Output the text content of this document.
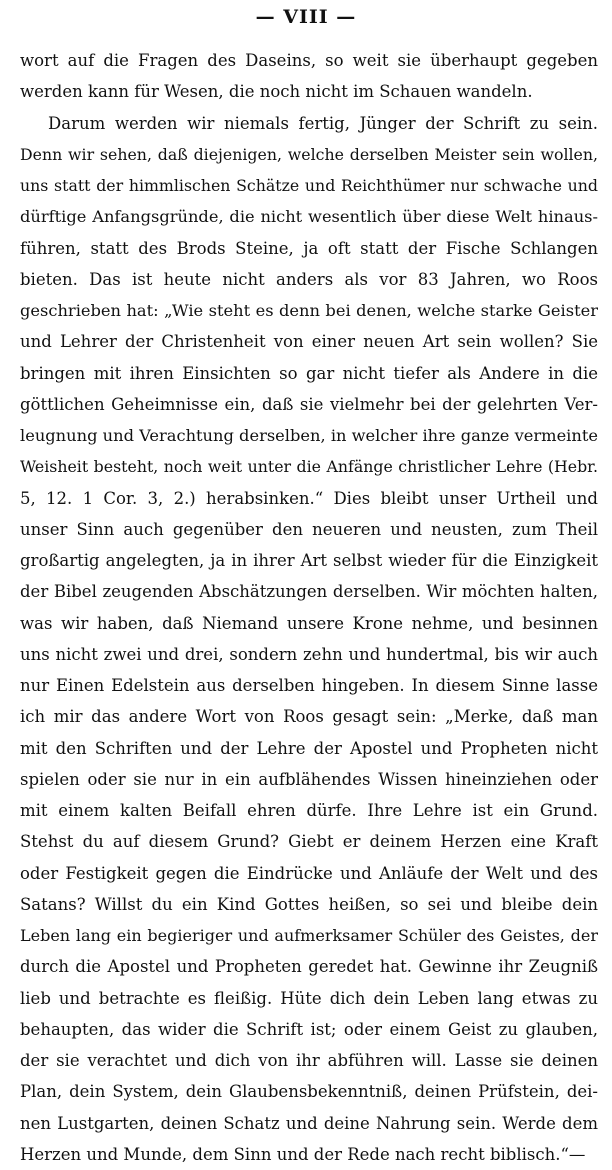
— VIII —
wort auf die Fragen des Daseins, so weit sie überhaupt gegeben
werden kann für Wesen, die noch nicht im Schauen wandeln.
Darum werden wir niemals fertig, Jünger der Schrift zu sein.
Denn wir sehen, daß diejenigen, welche derselben Meister sein wollen,
uns statt der himmlischen Schätze und Reichthümer nur schwache und
dürftige Anfangsgründe, die nicht wesentlich über diese Welt hinaus-
führen, statt des Brods Steine, ja oft statt der Fische Schlangen
bieten. Das ist heute nicht anders als vor 83 Jahren, wo Roos
geschrieben hat: „Wie steht es denn bei denen, welche starke Geister
und Lehrer der Christenheit von einer neuen Art sein wollen? Sie
bringen mit ihren Einsichten so gar nicht tiefer als Andere in die
göttlichen Geheimnisse ein, daß sie vielmehr bei der gelehrten Ver-
leugnung und Verachtung derselben, in welcher ihre ganze vermeinte
Weisheit besteht, noch weit unter die Anfänge christlicher Lehre (Hebr.
5, 12. 1 Cor. 3, 2.) herabsinken.“ Dies bleibt unser Urtheil und
unser Sinn auch gegenüber den neueren und neusten, zum Theil
großartig angelegten, ja in ihrer Art selbst wieder für die Einzigkeit
der Bibel zeugenden Abschätzungen derselben. Wir möchten halten,
was wir haben, daß Niemand unsere Krone nehme, und besinnen
uns nicht zwei und drei, sondern zehn und hundertmal, bis wir auch
nur Einen Edelstein aus derselben hingeben. In diesem Sinne lasse
ich mir das andere Wort von Roos gesagt sein: „Merke, daß man
mit den Schriften und der Lehre der Apostel und Propheten nicht
spielen oder sie nur in ein aufblähendes Wissen hineinziehen oder
mit einem kalten Beifall ehren dürfe. Ihre Lehre ist ein Grund.
Stehst du auf diesem Grund? Giebt er deinem Herzen eine Kraft
oder Festigkeit gegen die Eindrücke und Anläufe der Welt und des
Satans? Willst du ein Kind Gottes heißen, so sei und bleibe dein
Leben lang ein begieriger und aufmerksamer Schüler des Geistes, der
durch die Apostel und Propheten geredet hat. Gewinne ihr Zeugniß
lieb und betrachte es fleißig. Hüte dich dein Leben lang etwas zu
behaupten, das wider die Schrift ist; oder einem Geist zu glauben,
der sie verachtet und dich von ihr abführen will. Lasse sie deinen
Plan, dein System, dein Glaubensbekenntniß, deinen Prüfstein, dei-
nen Lustgarten, deinen Schatz und deine Nahrung sein. Werde dem
Herzen und Munde, dem Sinn und der Rede nach recht biblisch.“—
